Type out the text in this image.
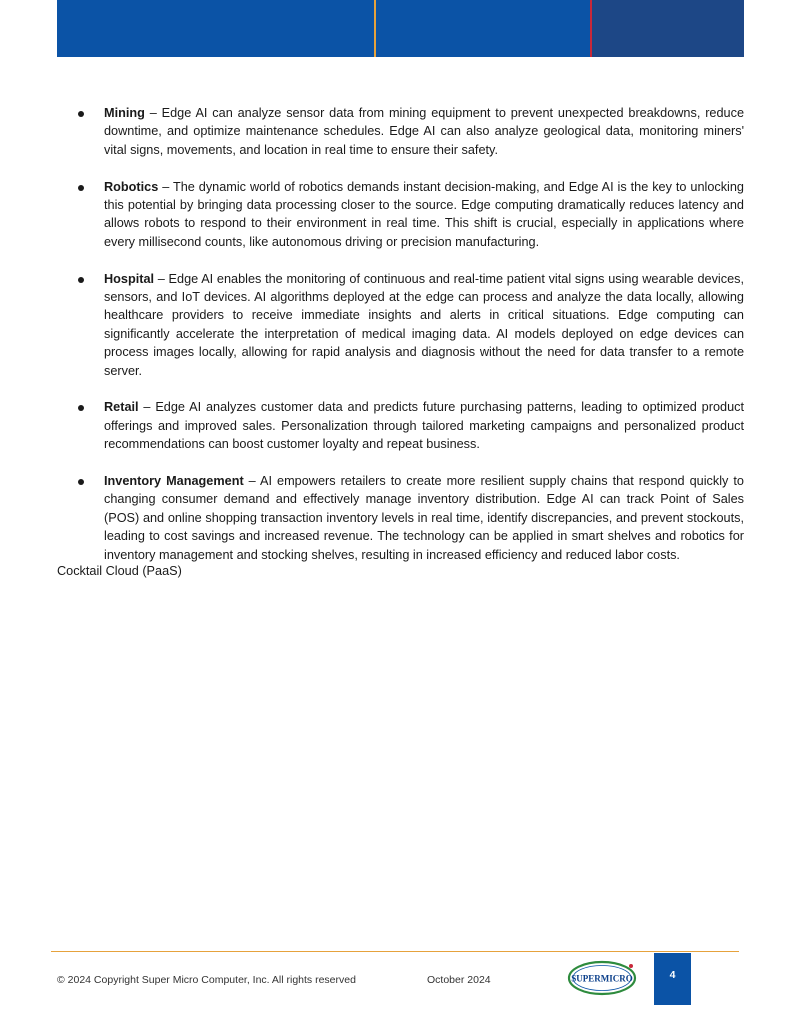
Mining – Edge AI can analyze sensor data from mining equipment to prevent unexpected breakdowns, reduce downtime, and optimize maintenance schedules. Edge AI can also analyze geological data, monitoring miners' vital signs, movements, and location in real time to ensure their safety.
Robotics – The dynamic world of robotics demands instant decision-making, and Edge AI is the key to unlocking this potential by bringing data processing closer to the source. Edge computing dramatically reduces latency and allows robots to respond to their environment in real time. This shift is crucial, especially in applications where every millisecond counts, like autonomous driving or precision manufacturing.
Hospital – Edge AI enables the monitoring of continuous and real-time patient vital signs using wearable devices, sensors, and IoT devices. AI algorithms deployed at the edge can process and analyze the data locally, allowing healthcare providers to receive immediate insights and alerts in critical situations. Edge computing can significantly accelerate the interpretation of medical imaging data. AI models deployed on edge devices can process images locally, allowing for rapid analysis and diagnosis without the need for data transfer to a remote server.
Retail – Edge AI analyzes customer data and predicts future purchasing patterns, leading to optimized product offerings and improved sales. Personalization through tailored marketing campaigns and personalized product recommendations can boost customer loyalty and repeat business.
Inventory Management – AI empowers retailers to create more resilient supply chains that respond quickly to changing consumer demand and effectively manage inventory distribution. Edge AI can track Point of Sales (POS) and online shopping transaction inventory levels in real time, identify discrepancies, and prevent stockouts, leading to cost savings and increased revenue. The technology can be applied in smart shelves and robotics for inventory management and stocking shelves, resulting in increased efficiency and reduced labor costs.
Cocktail Cloud (PaaS)
© 2024 Copyright Super Micro Computer, Inc. All rights reserved	October 2024	SUPERMICRO	4
